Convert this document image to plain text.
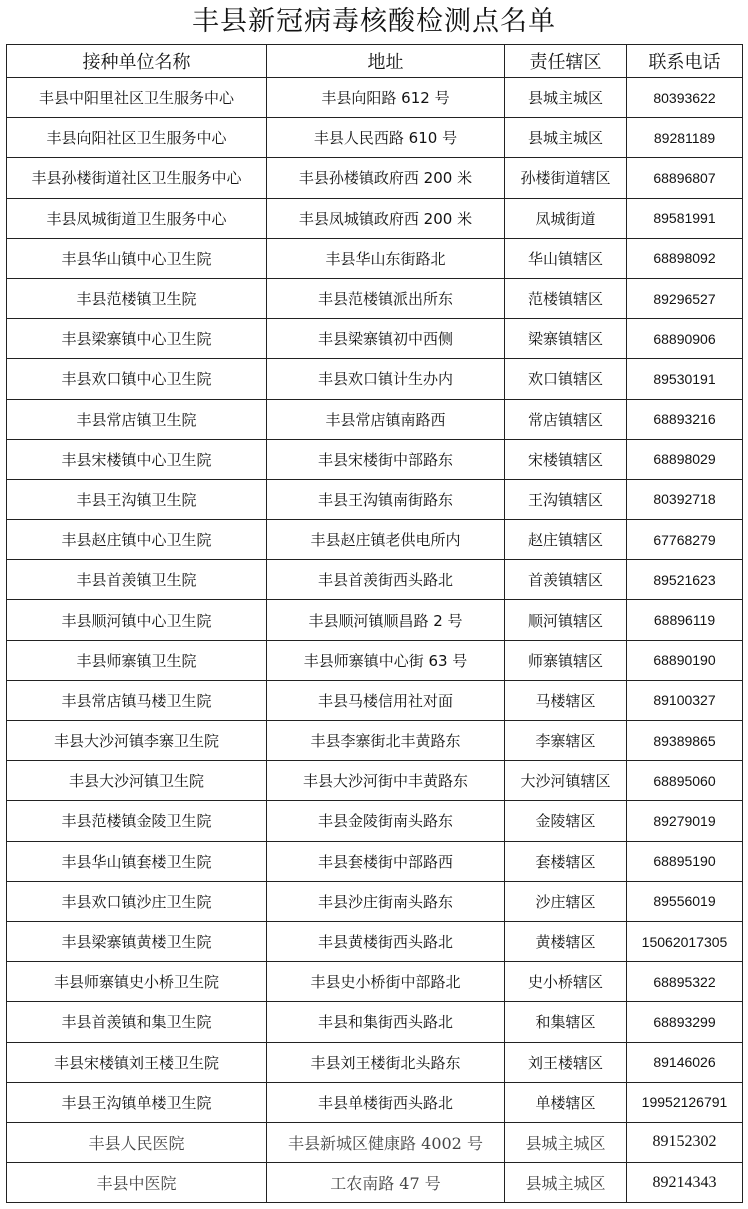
丰县新冠病毒核酸检测点名单
接种单位名称	地址	责任辖区	联系电话
丰县中阳里社区卫生服务中心	丰县向阳路 612 号	县城主城区	80393622
丰县向阳社区卫生服务中心	丰县人民西路 610 号	县城主城区	89281189
丰县孙楼街道社区卫生服务中心	丰县孙楼镇政府西 200 米	孙楼街道辖区	68896807
丰县凤城街道卫生服务中心	丰县凤城镇政府西 200 米	凤城街道	89581991
丰县华山镇中心卫生院	丰县华山东街路北	华山镇辖区	68898092
丰县范楼镇卫生院	丰县范楼镇派出所东	范楼镇辖区	89296527
丰县梁寨镇中心卫生院	丰县梁寨镇初中西侧	梁寨镇辖区	68890906
丰县欢口镇中心卫生院	丰县欢口镇计生办内	欢口镇辖区	89530191
丰县常店镇卫生院	丰县常店镇南路西	常店镇辖区	68893216
丰县宋楼镇中心卫生院	丰县宋楼街中部路东	宋楼镇辖区	68898029
丰县王沟镇卫生院	丰县王沟镇南街路东	王沟镇辖区	80392718
丰县赵庄镇中心卫生院	丰县赵庄镇老供电所内	赵庄镇辖区	67768279
丰县首羡镇卫生院	丰县首羡街西头路北	首羡镇辖区	89521623
丰县顺河镇中心卫生院	丰县顺河镇顺昌路 2 号	顺河镇辖区	68896119
丰县师寨镇卫生院	丰县师寨镇中心街 63 号	师寨镇辖区	68890190
丰县常店镇马楼卫生院	丰县马楼信用社对面	马楼辖区	89100327
丰县大沙河镇李寨卫生院	丰县李寨街北丰黄路东	李寨辖区	89389865
丰县大沙河镇卫生院	丰县大沙河街中丰黄路东	大沙河镇辖区	68895060
丰县范楼镇金陵卫生院	丰县金陵街南头路东	金陵辖区	89279019
丰县华山镇套楼卫生院	丰县套楼街中部路西	套楼辖区	68895190
丰县欢口镇沙庄卫生院	丰县沙庄街南头路东	沙庄辖区	89556019
丰县梁寨镇黄楼卫生院	丰县黄楼街西头路北	黄楼辖区	15062017305
丰县师寨镇史小桥卫生院	丰县史小桥街中部路北	史小桥辖区	68895322
丰县首羡镇和集卫生院	丰县和集街西头路北	和集辖区	68893299
丰县宋楼镇刘王楼卫生院	丰县刘王楼街北头路东	刘王楼辖区	89146026
丰县王沟镇单楼卫生院	丰县单楼街西头路北	单楼辖区	19952126791
丰县人民医院	丰县新城区健康路 4002 号	县城主城区	89152302
丰县中医院	工农南路 47 号	县城主城区	89214343
